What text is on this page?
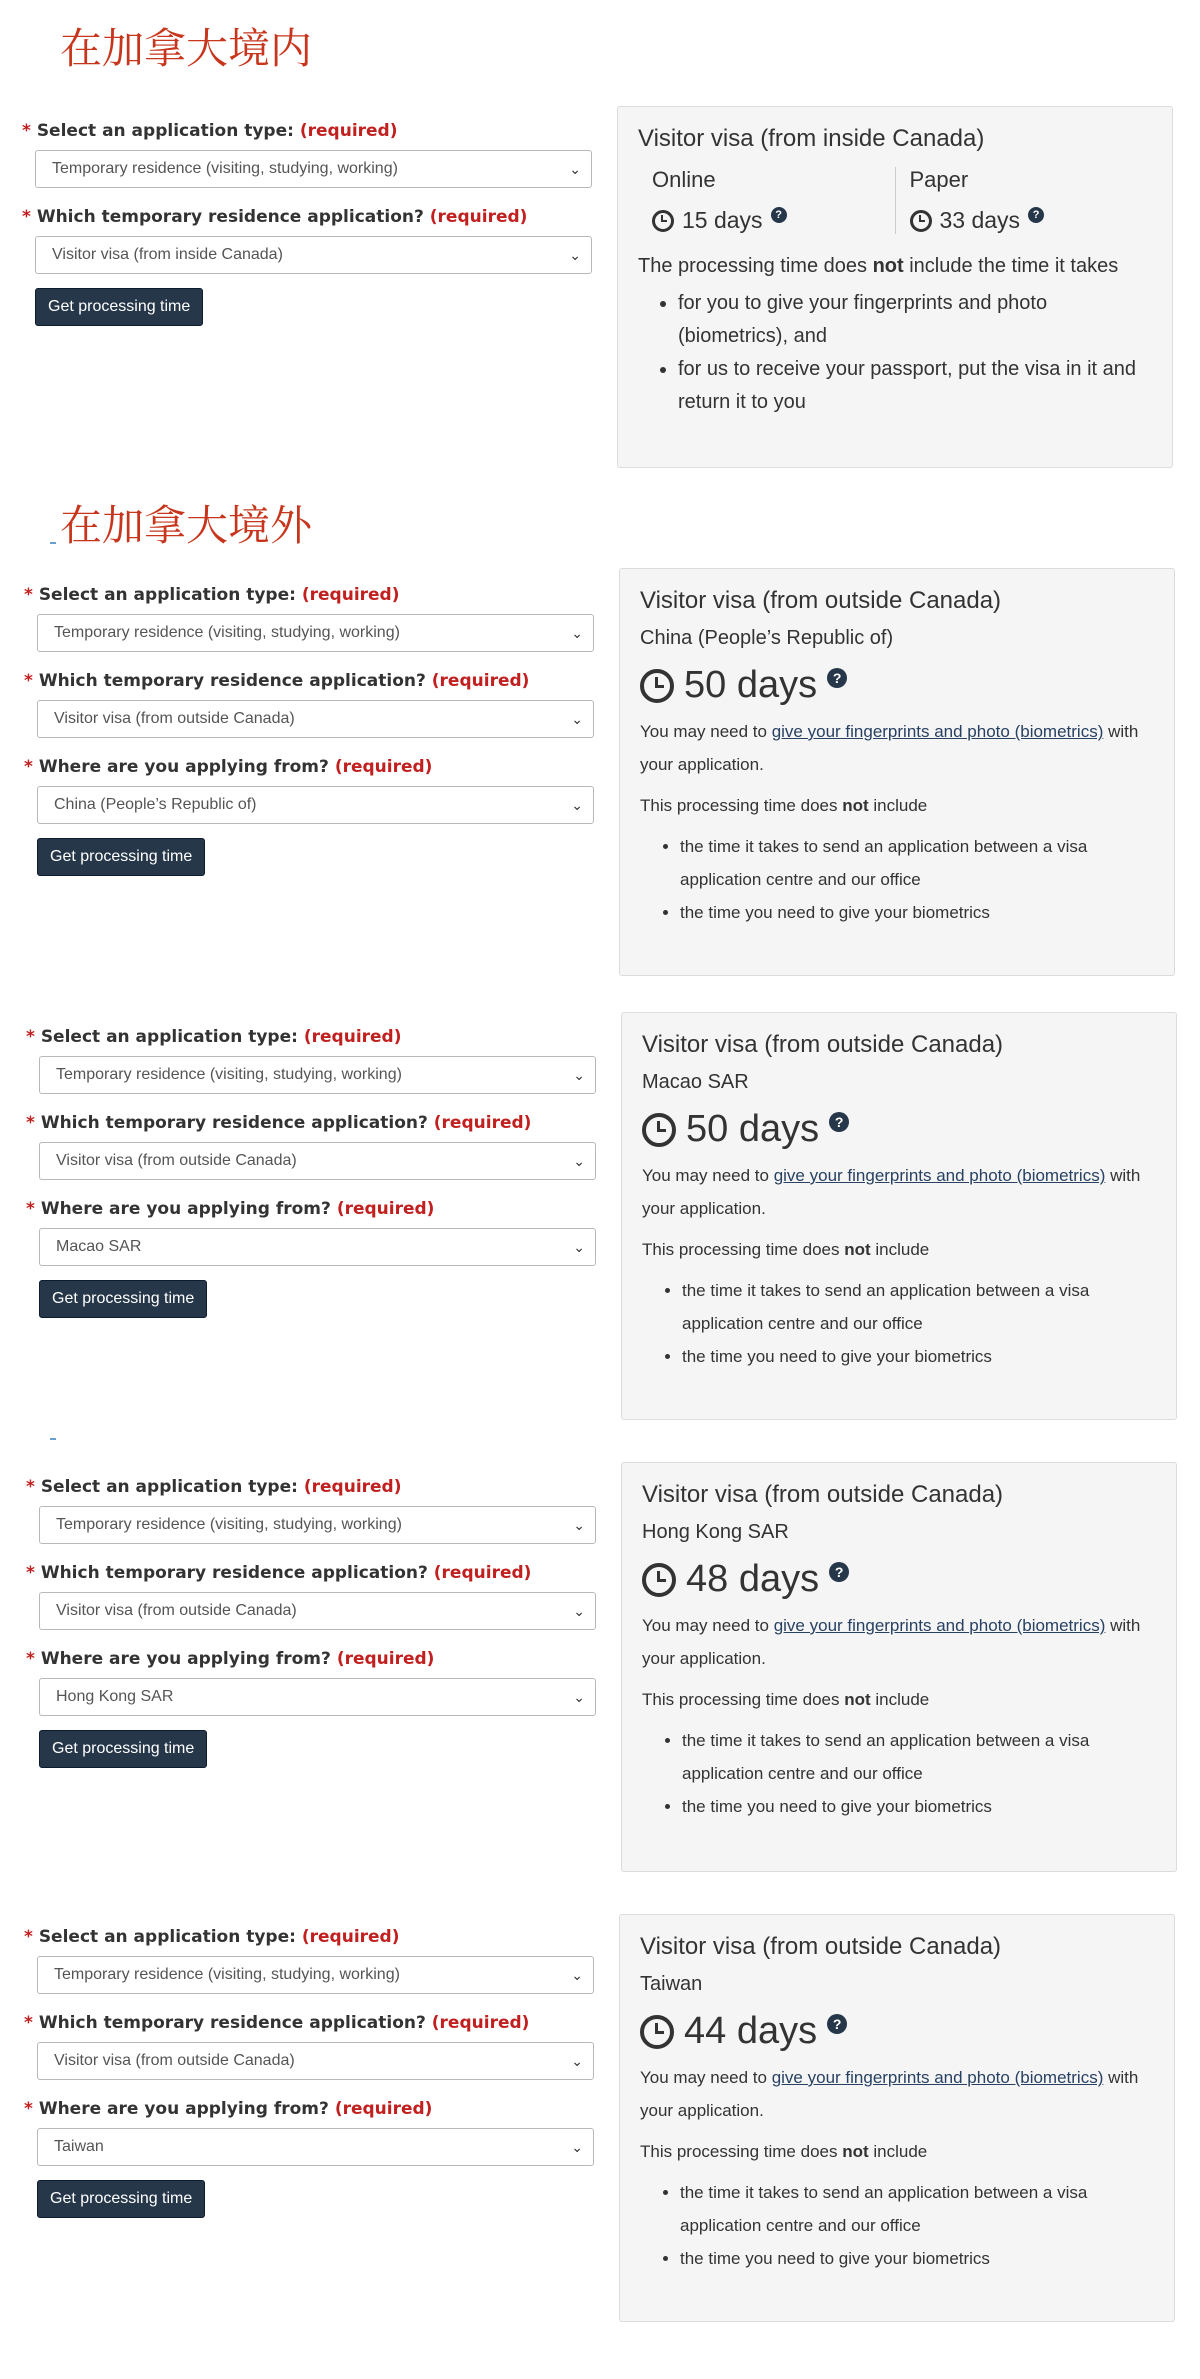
在加拿大境内
* Select an application type: (required)
Temporary residence (visiting, studying, working)	⌄
* Which temporary residence application? (required)
Visitor visa (from inside Canada)	⌄
Get processing time
Visitor visa (from inside Canada)
Online
15 days	?
Paper
33 days	?
The processing time does not include the time it takes
• for you to give your fingerprints and photo (biometrics), and
• for us to receive your passport, put the visa in it and return it to you
在加拿大境外
* Select an application type: (required)
Temporary residence (visiting, studying, working)	⌄
* Which temporary residence application? (required)
Visitor visa (from outside Canada)	⌄
* Where are you applying from? (required)
China (People’s Republic of)	⌄
Get processing time
Visitor visa (from outside Canada)
China (People’s Republic of)
50 days	?
You may need to give your fingerprints and photo (biometrics) with your application.
This processing time does not include
• the time it takes to send an application between a visa application centre and our office
• the time you need to give your biometrics
* Select an application type: (required)
Temporary residence (visiting, studying, working)	⌄
* Which temporary residence application? (required)
Visitor visa (from outside Canada)	⌄
* Where are you applying from? (required)
Macao SAR	⌄
Get processing time
Visitor visa (from outside Canada)
Macao SAR
50 days	?
You may need to give your fingerprints and photo (biometrics) with your application.
This processing time does not include
• the time it takes to send an application between a visa application centre and our office
• the time you need to give your biometrics
* Select an application type: (required)
Temporary residence (visiting, studying, working)	⌄
* Which temporary residence application? (required)
Visitor visa (from outside Canada)	⌄
* Where are you applying from? (required)
Hong Kong SAR	⌄
Get processing time
Visitor visa (from outside Canada)
Hong Kong SAR
48 days	?
You may need to give your fingerprints and photo (biometrics) with your application.
This processing time does not include
• the time it takes to send an application between a visa application centre and our office
• the time you need to give your biometrics
* Select an application type: (required)
Temporary residence (visiting, studying, working)	⌄
* Which temporary residence application? (required)
Visitor visa (from outside Canada)	⌄
* Where are you applying from? (required)
Taiwan	⌄
Get processing time
Visitor visa (from outside Canada)
Taiwan
44 days	?
You may need to give your fingerprints and photo (biometrics) with your application.
This processing time does not include
• the time it takes to send an application between a visa application centre and our office
• the time you need to give your biometrics
